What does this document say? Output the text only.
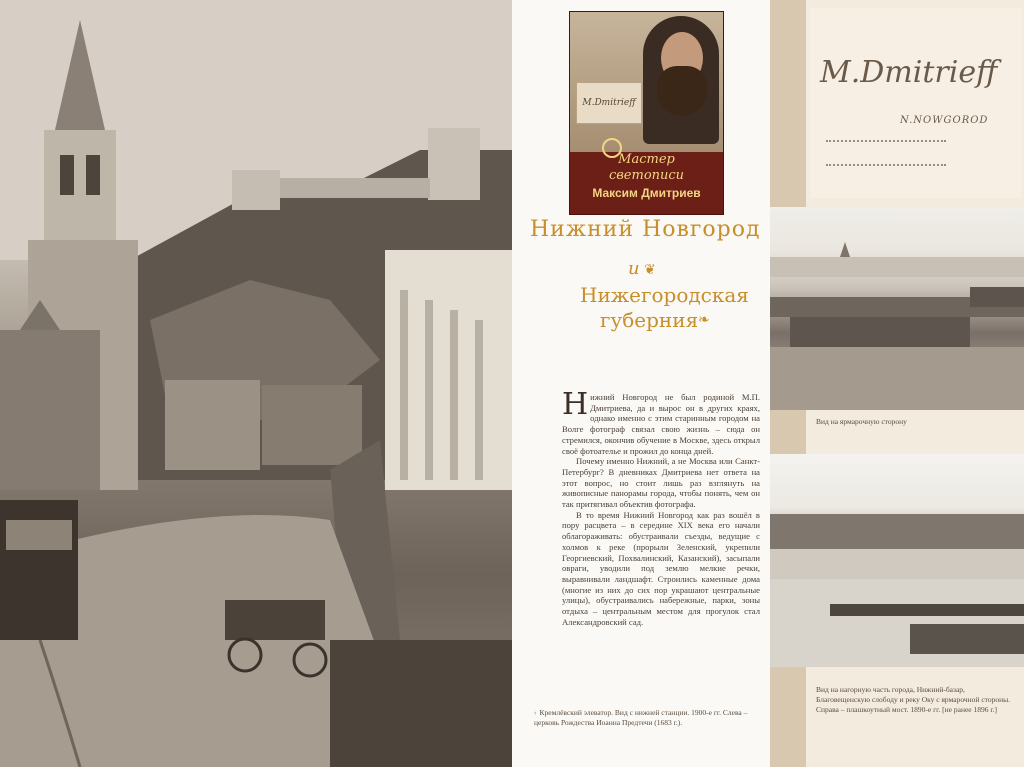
M.Dmitrieff
Мастер
светописи
Максим Дмитриев
Нижний Новгород
и ❦
Нижегородская
губерния ❧
Н ижний Новгород не был родиной М.П. Дмитриева, да и вырос он в других краях, однако именно с этим старинным городом на Волге фотограф связал свою жизнь – сюда он стремился, окончив обучение в Москве, здесь открыл своё фотоателье и прожил до конца дней.

Почему именно Нижний, а не Москва или Санкт-Петербург? В дневниках Дмитриева нет ответа на этот вопрос, но стоит лишь раз взглянуть на живописные панорамы города, чтобы понять, чем он так притягивал объектив фотографа.

В то время Нижний Новгород как раз вошёл в пору расцвета – в середине XIX века его начали облагораживать: обустраивали съезды, ведущие с холмов к реке (прорыли Зеленский, укрепили Георгиевский, Похвалинский, Казанский), засыпали овраги, уводили под землю мелкие речки, выравнивали ландшафт. Строились каменные дома (многие из них до сих пор украшают центральные улицы), обустраивались набережные, парки, зоны отдыха – центральным местом для прогулок стал Александровский сад.

‹ Кремлёвский элеватор. Вид с нижней станции. 1900-е гг. Слева – церковь Рождества Иоанна Предтечи (1683 г.).
M.Dmitrieff
N.NOWGOROD
Вид на ярмарочную сторону
Вид на нагорную часть города, Нижний-базар, Благовещенскую слободу и реку Оку с ярмарочной стороны. Справа – плашкоутный мост. 1890-е гг. [не ранее 1896 г.]
